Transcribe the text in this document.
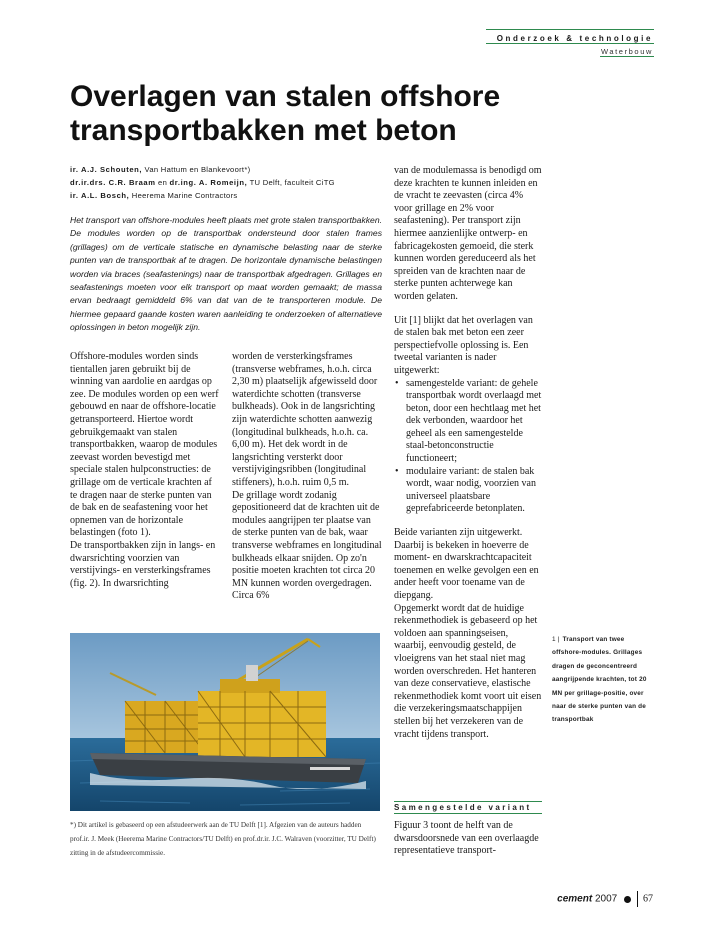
Onderzoek & technologie
Waterbouw
Overlagen van stalen offshore transportbakken met beton
ir. A.J. Schouten, Van Hattum en Blankevoort*)
dr.ir.drs. C.R. Braam en dr.ing. A. Romeijn, TU Delft, faculteit CiTG
ir. A.L. Bosch, Heerema Marine Contractors

Het transport van offshore-modules heeft plaats met grote stalen transportbakken. De modules worden op de transportbak ondersteund door stalen frames (grillages) om de verticale statische en dynamische belasting naar de sterke punten van de transportbak af te dragen. De horizontale dynamische belastingen worden via braces (seafastenings) naar de transportbak afgedragen. Grillages en seafastenings moeten voor elk transport op maat worden gemaakt; de massa ervan bedraagt gemiddeld 6% van dat van de te transporteren module. De hiermee gepaard gaande kosten waren aanleiding te onderzoeken of alternatieve oplossingen in beton mogelijk zijn.

Offshore-modules worden sinds tientallen jaren gebruikt bij de winning van aardolie en aardgas op zee. De modules worden op een werf gebouwd en naar de offshore-locatie getransporteerd. Hiertoe wordt gebruikgemaakt van stalen transportbakken, waarop de modules zeevast worden bevestigd met speciale stalen hulpconstructies: de grillage om de verticale krachten af te dragen naar de sterke punten van de bak en de seafastening voor het opnemen van de horizontale belastingen (foto 1).

De transportbakken zijn in langs- en dwarsrichting voorzien van verstijvings- en versterkingsframes (fig. 2). In dwarsrichting

worden de versterkingsframes (transverse webframes, h.o.h. circa 2,30 m) plaatselijk afgewisseld door waterdichte schotten (transverse bulkheads). Ook in de langsrichting zijn waterdichte schotten aanwezig (longitudinal bulkheads, h.o.h. ca. 6,00 m). Het dek wordt in de langsrichting versterkt door verstijvigingsribben (longitudinal stiffeners), h.o.h. ruim 0,5 m.

De grillage wordt zodanig gepositioneerd dat de krachten uit de modules aangrijpen ter plaatse van de sterke punten van de bak, waar transverse webframes en longitudinal bulkheads elkaar snijden. Op zo'n positie moeten krachten tot circa 20 MN kunnen worden overgedragen. Circa 6%

*) Dit artikel is gebaseerd op een afstudeerwerk aan de TU Delft [1]. Afgezien van de auteurs hadden prof.ir. J. Meek (Heerema Marine Contractors/TU Delft) en prof.dr.ir. J.C. Walraven (voorzitter, TU Delft) zitting in de afstudeercommissie.

van de modulemassa is benodigd om deze krachten te kunnen inleiden en de vracht te zeevasten (circa 4% voor grillage en 2% voor seafastening). Per transport zijn hiermee aanzienlijke ontwerp- en fabricagekosten gemoeid, die sterk kunnen worden gereduceerd als het spreiden van de krachten naar de sterke punten achterwege kan worden gelaten.

Uit [1] blijkt dat het overlagen van de stalen bak met beton een zeer perspectiefvolle oplossing is. Een tweetal varianten is nader uitgewerkt:

• samengestelde variant: de gehele transportbak wordt overlaagd met beton, door een hechtlaag met het dek verbonden, waardoor het geheel als een samengestelde staal-betonconstructie functioneert;
• modulaire variant: de stalen bak wordt, waar nodig, voorzien van universeel plaatsbare geprefabriceerde betonplaten.

Beide varianten zijn uitgewerkt. Daarbij is bekeken in hoeverre de moment- en dwarskrachtcapaciteit toenemen en welke gevolgen een en ander heeft voor toename van de diepgang.

Opgemerkt wordt dat de huidige rekenmethodiek is gebaseerd op het voldoen aan spanningseisen, waarbij, eenvoudig gesteld, de vloeigrens van het staal niet mag worden overschreden. Het hanteren van deze conservatieve, elastische rekenmethodiek komt voort uit eisen die verzekeringsmaatschappijen stellen bij het verzekeren van de vracht tijdens transport.

Samengestelde variant

Figuur 3 toont de helft van de dwarsdoorsnede van een overlaagde representatieve transport-

1 | Transport van twee offshore-modules. Grillages dragen de geconcentreerd aangrijpende krachten, tot 20 MN per grillage-positie, over naar de sterke punten van de transportbak
cement 2007	67
